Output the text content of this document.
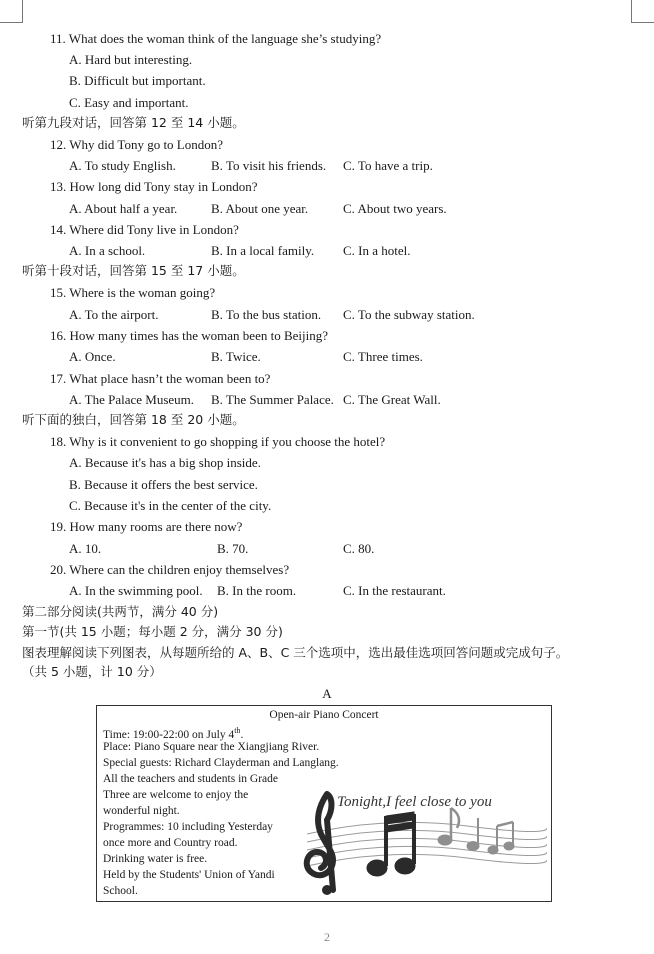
11. What does the woman think of the language she’s studying?
A. Hard but interesting.
B. Difficult but important.
C. Easy and important.
听第九段对话，回答第 12 至 14 小题。
12. Why did Tony go to London?
A. To study English.	B. To visit his friends. C. To have a trip.
13. How long did Tony stay in London?
A. About half a year.	B. About one year.	C. About two years.
14. Where did Tony live in London?
A. In a school.	B. In a local family. C. In a hotel.
听第十段对话，回答第 15 至 17 小题。
15. Where is the woman going?
A. To the airport.	B. To the bus station. C. To the subway station.
16. How many times has the woman been to Beijing?
A. Once.	B. Twice.	C. Three times.
17. What place hasn’t the woman been to?
A. The Palace Museum. B. The Summer Palace. C. The Great Wall.
听下面的独白，回答第 18 至 20 小题。
18. Why is it convenient to go shopping if you choose the hotel?
A. Because it's has a big shop inside.
B. Because it offers the best service.
C. Because it's in the center of the city.
19. How many rooms are there now?
A. 10.	B. 70.	C. 80.
20. Where can the children enjoy themselves?
A. In the swimming pool. B. In the room.	C. In the restaurant.
第二部分阅读(共两节，满分 40 分)
第一节(共 15 小题；每小题 2 分，满分 30 分)
图表理解阅读下列图表，从每题所给的 A、B、C 三个选项中，选出最佳选项回答问题或完成句子。
（共 5 小题，计 10 分）
A
Open-air Piano Concert
Time: 19:00-22:00 on July 4th.
Place: Piano Square near the Xiangjiang River.
Special guests: Richard Clayderman and Langlang.
All the teachers and students in Grade
Three are welcome to enjoy the
wonderful night.
Programmes: 10 including Yesterday
once more and Country road.
Drinking water is free.
Held by the Students' Union of Yandi
School.
Tonight,I feel close to you
2
